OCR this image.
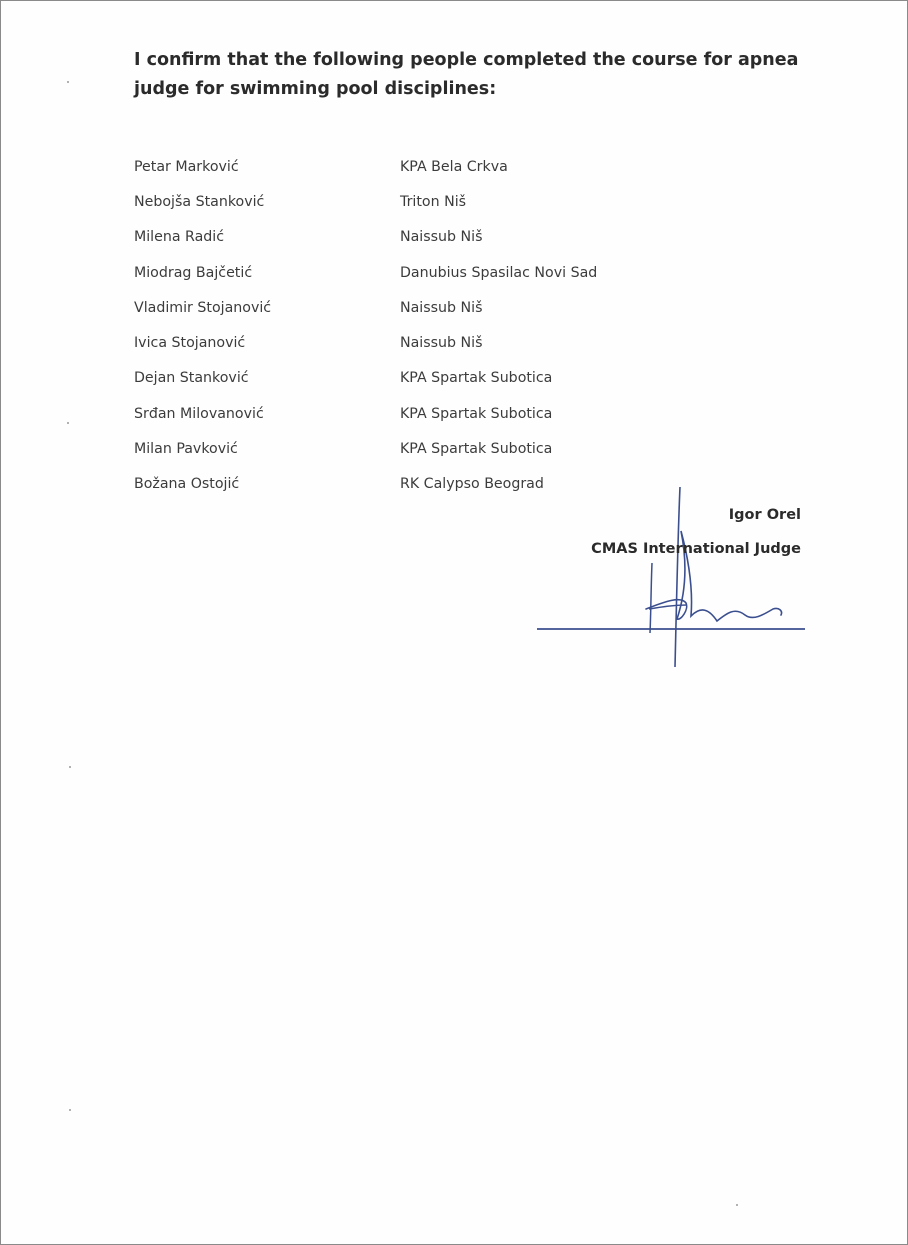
I confirm that the following people completed the course for apnea judge for swimming pool disciplines:

Petar Marković	KPA Bela Crkva
Nebojša Stanković	Triton Niš
Milena Radić	Naissub Niš
Miodrag Bajčetić	Danubius Spasilac Novi Sad
Vladimir Stojanović	Naissub Niš
Ivica Stojanović	Naissub Niš
Dejan Stanković	KPA Spartak Subotica
Srđan Milovanović	KPA Spartak Subotica
Milan Pavković	KPA Spartak Subotica
Božana Ostojić	RK Calypso Beograd
Igor Orel
CMAS International Judge
